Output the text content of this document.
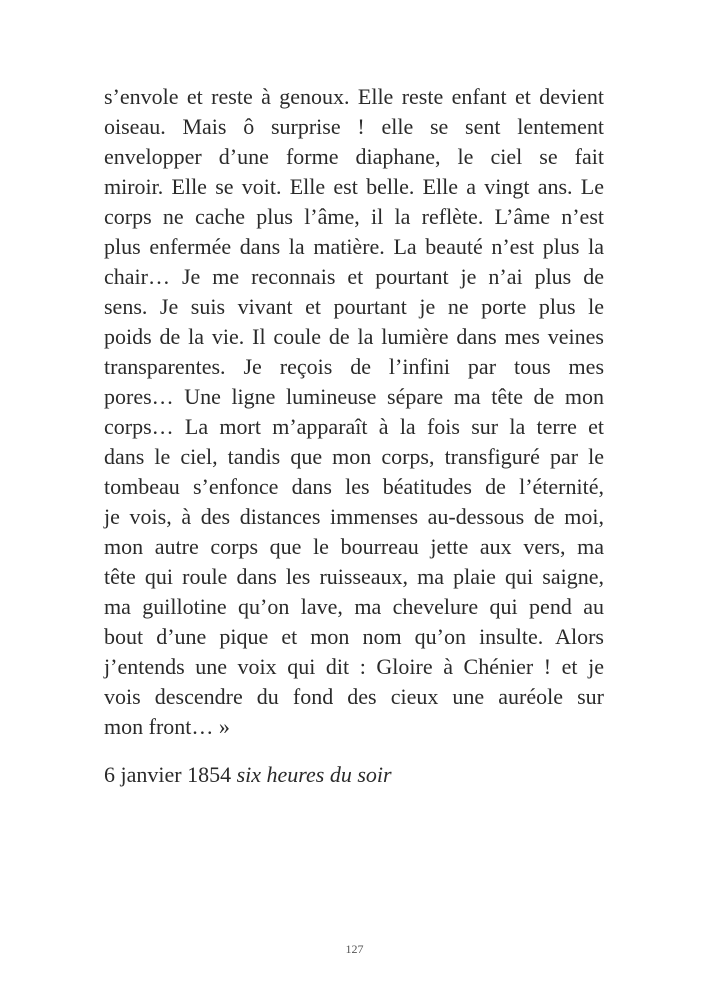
s’envole et reste à genoux. Elle reste enfant et devient
oiseau. Mais ô surprise ! elle se sent lentement
envelopper d’une forme diaphane, le ciel se fait
miroir. Elle se voit. Elle est belle. Elle a vingt ans. Le
corps ne cache plus l’âme, il la reflète. L’âme n’est
plus enfermée dans la matière. La beauté n’est plus la
chair… Je me reconnais et pourtant je n’ai plus de
sens. Je suis vivant et pourtant je ne porte plus le
poids de la vie. Il coule de la lumière dans mes veines
transparentes. Je reçois de l’infini par tous mes
pores… Une ligne lumineuse sépare ma tête de mon
corps… La mort m’apparaît à la fois sur la terre et
dans le ciel, tandis que mon corps, transfiguré par le
tombeau s’enfonce dans les béatitudes de l’éternité,
je vois, à des distances immenses au-dessous de moi,
mon autre corps que le bourreau jette aux vers, ma
tête qui roule dans les ruisseaux, ma plaie qui saigne,
ma guillotine qu’on lave, ma chevelure qui pend au
bout d’une pique et mon nom qu’on insulte. Alors
j’entends une voix qui dit : Gloire à Chénier ! et je
vois descendre du fond des cieux une auréole sur
mon front… »
6 janvier 1854 six heures du soir
127
